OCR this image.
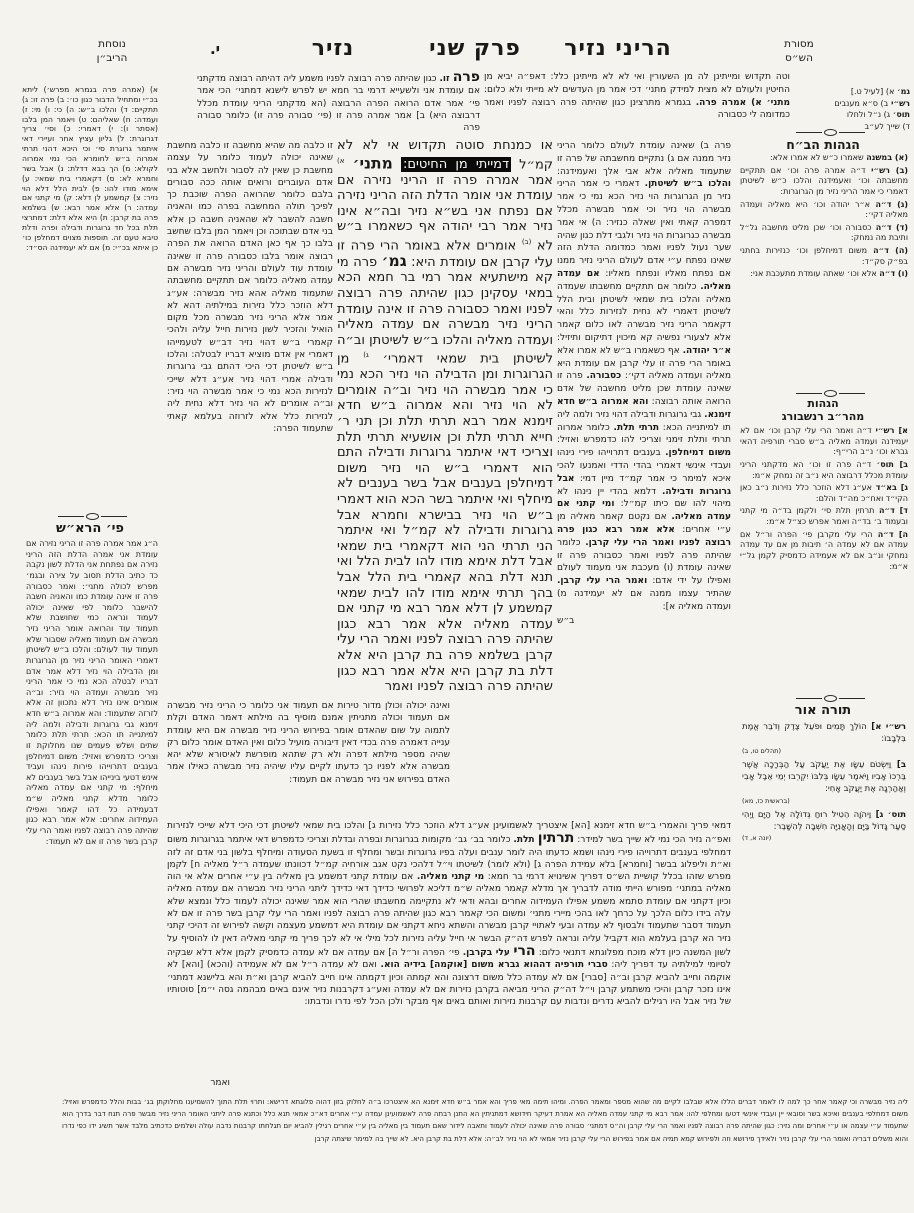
מסורת
הש״ס
הריני נזיר
פרק שני
נזיר
י.
נוסחת
הריב״ן
גמ׳ א) [לעיל ט.]
רש״י ב) ס״א מענבים
תוס׳ ג) נ״ל ולחלו
ד) שייך לע״ב
הגהות הב״ח

(א) במשנה שאמרו כ״ש לא אמרו אלא:

(ב) רש״י ד״ה אמרה פרה וכו׳ אם תתקיים מחשבתה וכו׳ ואעמידנה והלכו כ״ש לשיטתן דאמרי כי אמר הריני נזיר מן הגרוגרות:

(ג) ד״ה א״ר יהודה וכו׳ היא מאליה ועמדה מאליה דקי׳:

(ד) ד״ה כסבורה וכו׳ שכן מליט מחשבה גל״ל ותיבת מה נמחק:

(ה) ד״ה משום דמיחלפן וכו׳ כנזירות בחתני בפ״ק סק״ד:

(ו) ד״ה אלא וכו׳ שאתה עומדת מתעכבת אני:

הגהות
מהר״ב רנשבורג

א] רש״י ד״ה ואמר הרי עלי קרבן וכו׳ אם לא יעמידנה ועמדה מאליה ב״ש סברי תורפיה דהאי גברא וכו׳ נ״ב הרי״ף:

ב] תוס׳ ד״ה פרה זו וכו׳ הא מדקתני הריני עומדת מכלל דרבוצה היא נ״ב זה נמחק א״מ:

ג] בא״ד אע״ג דלא הוזכר כלל נזירות נ״ב כאן הקי״ד ואח״כ מה״ד והלם:

ד] ד״ה תרתין תלת סי׳ ולקמן בד״ה מי קתני ובעמוד ב׳ בד״ה ואמר אפרש כצ״ל א״מ:

ה] ד״ה הרי עלי מקרבן פי׳ הפרה ור״ל אם עמדה אם לא עמדה ה׳ תיבות מן אם עד עמדה נמחקי ונ״ב אם לא אעמידה כדמסיק לקמן גל״י א״מ:

תורה אור
רש״י א] הוֹלֵךְ תָּמִים וּפֹעֵל צֶדֶק וְדֹבֵר אֱמֶת בִּלְבָבוֹ:
(תהלים טו, ב)
ב] וַיִּשְׂטֹם עֵשָׂו אֶת יַעֲקֹב עַל הַבְּרָכָה אֲשֶׁר בֵּרְכוֹ אָבִיו וַיֹּאמֶר עֵשָׂו בְּלִבּוֹ יִקְרְבוּ יְמֵי אֵבֶל אָבִי וְאַהַרְגָה אֶת יַעֲקֹב אָחִי:
(בראשית כז, מא)
תוס׳ ג] וַיהֹוָה הֵטִיל רוּחַ גְּדוֹלָה אֶל הַיָּם וַיְהִי סַעַר גָּדוֹל בַּיָּם וְהָאֳנִיָּה חִשְּׁבָה לְהִשָּׁבֵר:
(יונה א, ד)
א) (אמרה פרה בגמרא מפרש׳) ליתא בכ״י ומתחיל הדבור כגון כו׳: ב) פרה זו: ג) תתקיים: ד) והלכו ב״ש: ה) כי: ו) מי: ז) ועמדה: ח) שאליהם: ט) ויאמר המן בלבו (אסתר ו): י) דאמרי: כ) וסי׳ צריך דגרוגרת: ל) גליון עציץ אחר ועיירי דאי איתמר גרוגרת סי׳ וכי היכא דהני תרתי אמרוה ב״ש לחומרא הכי נמי אמרוה לקולא: מ) הך בבא דדלת: נ) אבל בשר וחמרא לא: ס) דקאמרי בית שמאי: ע) אימא מודו להו: פ) לבית הלל דלא הוי נזיר: צ) קמשמע לן דלא: ק) מי קתני אם עמדה: ר) אלא אמר רבא: ש) בשלמא פרה בת קרבן: ת) היא אלא דלת: דמתרצי תלת בכל חד גרוגרות ודבילה ופרה ודלת טיבא טעם זה. תוספות מצוים דמחלפן כו׳ כן איתא בכ״י: מ) אם לא יעמידנה הס״ד:
פי׳ הרא״ש
ה״ג אמר אמרה פרה זו הריני נזירה אם עומדת אני אמרה הדלת הזה הריני נזירה אם נפתחת אני הדלת לשון נקבה כד כתיב הדלת תסוב על צירה ובגמ׳ מפרש לכולה מתני׳: ואמר כסבורה פרה זו אינה עומדת כמו והאניה חשבה להישבר כלומר לפי שאינה יכולה לעמוד ונראה כמי שחושבת שלא תעמוד עוד והרואה אומר הריני נזיר מבשרה אם תעמוד מאליה שסבור שלא תעמוד עוד לעולם: והלכו ב״ש לשיטתן דאמרי האומר הריני נזיר מן הגרוגרות ומן הדבילה הוי נזיר דלא אמר אדם דבריו לבטלה הכא נמי כי אמר הריני נזיר מבשרה ועמדה הוי נזיר: וב״ה אומרים אינו נזיר דלא נתכוון זה אלא לזרזה שתעמוד: והא אמרוה ב״ש חדא זימנא גבי גרוגרות ודבילה ולמה ליה למיתנייה תו הכא: תרתי תלת כלומר שתים ושלש פעמים שנו מחלוקת זו וצריכי כדמפרש ואזיל: משום דמיחלפן בענבים דתרוייהו פירות נינהו ועביד אינש דטעי בינייהו אבל בשר בענבים לא מיחלף: מי קתני אם עמדה מאליה כלומר מדלא קתני מאליה ש״מ דבעמידה כל דהו קאמר ואפילו העמידוה אחרים: אלא אמר רבא כגון שהיתה פרה רבוצה לפניו ואמר הרי עלי קרבן בשר פרה זו אם לא תעמוד:
וטה תקדוש ומייתינן לה מן השעורין ואי לא לא מייתינן כלל: דאפ״ה יביא מן החיטין ולעולם לא מצית למידק מתני׳ דכי אמר מן העדשים לא מייתי ולא כלום: מתני׳ א) אמרה פרה. בגמרא מתרצינן כגון שהיתה פרה רבוצה לפניו ואמר כמדומה לי כסבורה
פרה ב) שאינה עומדת לעולם כלומר הריני נזיר ממנה אם ג) נתקיים מחשבתה של פרה זו שתעמוד מאליה אלא אבי אלך ואעמידנה: והלכו ב״ש לשיטתן. דאמרי כי אמר הריני נזיר מן הגרוגרות הוי נזיר הכא נמי כי אמר מבשרה הוי נזיר וכי אמר מבשרה מכלל דמפרה קאתי ואין שאלה כנזיר: ה) אי אמר מבשרה כגרוגרות הוי נזיר ולגבי דלת כגון שהיה שער נעול לפניו ואמר כמדומה הדלת הזה שאינו נפתח ע״י אדם לעולם הריני נזיר ממנו אם נפתח מאליו ונפתח מאליו: אם עמדה מאליה. כלומר אם תתקיים מחשבתו שעמדה מאליה והלכו בית שמאי לשיטתן ובית הלל לשיטתן דאמרי לא נחית לנזירות כלל והאי דקאמר הריני נזיר מבשרה לאו כלום קאמר אלא לצעורי נפשיה קא מיכוין דתיקום ותיזיל: א״ר יהודה. אף כשאמרו ב״ש לא אמרו אלא באומר הרי פרה זו עלי קרבן אם עומדת היא מאליה ועמדה מאליה דקי׳: כסבורה. פרה זו שאינה עומדת שכן מליט מחשבה של אדם הרואה אותה רבוצה: והא אמרוה ב״ש חדא זימנא. גבי גרוגרות ודבילה דהוי נזיר ולמה ליה תו למיתנייה הכא: תרתי תלת. כלומר אמרוה תרתי ותלת זימני וצריכי להו כדמפרש ואזיל: משום דמיחלפן. בענבים דתרוייהו פירי נינהו ועבדי אינשי דאמרי בהדי הדדי ואמנעו להכי איכא למימר כי אמר קמ״ד מיין דמי: אבל גרוגרות ודבילה. דלמא בהדי יין נינהו לא מיהוי להו שם כיתו קמ״ל: ומי קתני אם עמדה מאליה. אם נקטם קאמר מאליה מן ע״י אחרים: אלא אמר רבא כגון פרה רבוצה לפניו ואמר הרי עלי קרבן. כלומר שהיתה פרה לפניו ואמר כסבורה פרה זו שאינה עומדת (ו) מעכבת אני מעמוד לעולם ואפילו על ידי אדם: ואמר הרי עלי קרבן. שהתיר עצמו ממנה אם לא יעמידנה מ) ועמדה מאליה א]:
ב״ש
פרה זו. כגון שהיתה פרה רבוצה לפניו משמע ליה דהיתה רבוצה מדקתני אם עומדת אני ולשעייא דרמי בר חמא יש לפרש לישנא דמתני׳ הכי אמר פי׳ אמר אדם הרואה הפרה הרבוצה (הא מדקתני הריני עומדת מכלל דרבוצה היא) ב] אמר אמרה פרה זו (פי׳ סבורה פרה זו) כלומר סבורה פרה
זו כלבה מה שהיא מחשבה זו כלבה מחשבת שאינה יכולה לעמוד כלומר על עצמה מחשבת כן שאין לה לסבור ולחשב אלא בני אדם העוברים ורואים אותה ככה סבורים בלבם כלומר שהרואה הפרה שוכבת כך לפיכך תולה המחשבה בפרה כמו והאניה חשבה להשבר לא שהאניה חשבה כן אלא בני אדם שבתוכה וכן ויאמר המן בלבו שחשב בלבו כך אף כאן האדם הרואה את הפרה רבוצה אומר בלבו כסבורה פרה זו שאינה עומדת עוד לעולם והריני נזיר מבשרה אם עמדה מאליה כלומר אם תתקיים מחשבתה שתעמוד מאליה אהא נזיר מבשרה: אע״ג דלא הוזכר כלל נזירות במילתיה דהא לא אמר אלא הריני נזיר מבשרה מכל מקום הואיל והזכיר לשון נזירות חייל עליה ולהכי קאמרי ב״ש דהוי נזיר דב״ש לטעמייהו דאמרי אין אדם מוציא דבריו לבטלה: והלכו ב״ש לשיטתן דכי היכי דהתם גבי גרוגרות ודבילה אמרי דהוי נזיר אע״ג דלא שייכי לנזירות הכא נמי כי אמר מבשרה הוי נזיר: וב״ה אומרים לא הוי נזיר דלא נחית ליה לנזירות כלל אלא לזרוזה בעלמא קאתי שתעמוד הפרה:
ואינה יכולה וכולן מדור טירות אם תעמוד אני כלומר כי הריני נזיר מבשרה אם תעמוד וכולה מתניתין אמנם מוסיף בה מילתא דאמר האדם וקלת לתמוה על שום שהאדם אומר בפירוש הריני נזיר מבשרה אם היא עומדת ענייה דאמרה פרה בכדי דאין דיבורה מועיל כלום ואין האדם אומר כלום רק שהיה מספר מילתא דפרה ולא רק שתהא מופרשת לאיסורא שלא יהא מבשרה אלא לפניו כך כדעתו לקיים עליו שיהיה נזיר מבשרה כאילו אמר האדם בפירוש אני נזיר מבשרה אם תעמוד:
דמאי פריך והאמרי ב״ש חדא זימנא [הא] איצטריך לאשמועינן אע״ג דלא הוזכר כלל נזירות ג] והלכו בית שמאי לשיטתן דכי היכי דלא שייכי לנזירות ואפ״ה נזיר הכי נמי לא שייך בשר למידר: תרתין תלת. כלומר בב׳ גב׳ מקומות בגרוגרות ובפרה ובדלת וצריכי כדמפרש דאי איתמר בגרוגרות משום דמחלפי בענבים דתרוייהו פירי נינהו ושמא כדעתו היה לומר ענבים ועלה בפיו גרוגרות ובשר ומחלף זו בשעת הסעודה ומיחלף בלשון בני אדם זה לזה וא״ת וליפלוג בבשר [וחמרא] בלא עמידת הפרה ג] (ולא לומר) לשיטתו וי״ל דלהכי נקט אגב אורחיה קמ״ל דכוונתו שעמדה ר״ל מאליה ח] לקמן מפרש שזהו בכלל קושיית הש״ס דפריך אשינויא דרמי בר חמא: מי קתני מאליה. אם עומדת קתני דמשמע בין מאליה בין ע״י אחרים אלא אי הוה מאליה במתני׳ מפורש הייתי מודה לדבריך אך מדלא קאמר מאליה ש״מ דליכא לפרושי כדידך דאי כדידך ליתני הריני נזיר מבשרה אם עמדה מאליה וכיון דקתני אם עומדת סתמא משמע אפילו העמידוה אחרים ובהא ודאי לא נתקיימה מחשבתו שהרי הוא אמר שאינה יכולה לעמוד כלל ונמצא שלא עלה בידו כלום הלכך על כרחך לאו בהכי מיירי מתני׳ ומשום הכי קאמר רבא כגון שהיתה פרה רבוצה לפניו ואמר הרי עלי קרבן בשר פרה זו אם לא תעמוד דסבר שתעמוד ולבסוף לא עמדה ובעי לאתויי קרבן מבשרה והשתא ניחא דקתני אם עומדת היא דמשמע מעצמה וקשה לפירוש זה דהיכי קתני נזיר הא קרבן בעלמא הוא דקביל עליה ונראה לפרש דה״ק הבשר אי חייל עליה נזירות לכל מילי אי לא לכך פריך מי קתני מאליה דאין לו להוסיף על לשון המשנה כיון דלא מוכח מפלוגתא דתנאי כלום: הרי עלי בקרבן. פי׳ הפרה ור״ל ה] אם עמדה אם לא עמדה כדמסיק לקמן אלא דלא שבקיה לסיומי למילתיה עד דפריך ליה: סברי תורפיה דההוא גברא משום [אוקמה] בידיה הוא. ואם לא עמדה ר״ל אם לא אעמידה (והכא) [והא] לא אוקמה וחייב להביא קרבן וב״ה [סברי] אם לא עמדה כלל משום דרצונה והא קמתה וכיון דקמתה אינו חייב להביא קרבן וא״ת והא בלישנא דמתני׳ אינו נזכר קרבן והיכי משתמע קרבן וי״ל דה״ק הריני מביאה בקרבן נזירות אם לא עמדה ואע״ג דקרבנות נזיר אינם באים מבהמה גסה י״מ] סוטותיו של נזיר אבל היו רגילים להביא נדרים ונדבות עם קרבנות נזירות ואותם באים אף מבקר ולכן הכל לפי נדרו ונדבתו:
ואמר
או כמנחת סוטה תקדוש אי לא לא קמ״ל דמייתי מן החיטים: מתני׳ $^{א)}$ אמר אמרה פרה זו הריני נזירה אם עומדת אני אומר הדלת הזה הריני נזירה אם נפתח אני בש״א נזיר ובה״א אינו נזיר אמר רבי יהודה אף כשאמרו ב״ש לא $^{(ב)}$ אומרים אלא באומר הרי פרה זו עלי קרבן אם עומדת היא: גמ׳ פרה מי קא מישתעיא אמר רמי בר חמא הכא במאי עסקינן כגון שהיתה פרה רבוצה לפניו ואמר כסבורה פרה זו אינה עומדת הריני נזיר מבשרה אם עמדה מאליה ועמדה מאליה והלכו ב״ש לשיטתן וב״ה לשיטתן בית שמאי דאמרי׳ $^{ג)}$ מן הגרוגרות ומן הדבילה הוי נזיר הכא נמי כי אמר מבשרה הוי נזיר וב״ה אומרים לא הוי נזיר והא אמרוה ב״ש חדא זימנא אמר רבא תרתי תלת וכן תני ר׳ חייא תרתי תלת וכן אושעיא תרתי תלת וצריכי דאי איתמר גרוגרות ודבילה התם הוא דאמרי ב״ש הוי נזיר משום דמיחלפן בענבים אבל בשר בענבים לא מיחלף ואי איתמר בשר הכא הוא דאמרי ב״ש הוי נזיר בבישרא וחמרא אבל גרוגרות ודבילה לא קמ״ל ואי איתמר הני תרתי הני הוא דקאמרי בית שמאי אבל דלת אימא מודו להו לבית הלל ואי תנא דלת בהא קאמרי בית הלל אבל בהך תרתי אימא מודו להו לבית שמאי קמשמע לן דלא אמר רבא מי קתני אם עמדה מאליה אלא אמר רבא כגון שהיתה פרה רבוצה לפניו ואמר הרי עלי קרבן בשלמא פרה בת קרבן היא אלא דלת בת קרבן היא אלא אמר רבא כגון שהיתה פרה רבוצה לפניו ואמר
ליה נזיר מבשרה וכי קאמר אחר כך למה לו לאמר דברים הללו אלא שבלבו לקיים מה שהוא מספר ומאמר הפרה. ומיהו תימה מאי פריך והא אמר ב״ש חדא זימנא הא איצטרכו ב״ה לחלוק בזון דהוה פלוגתא דרישא: ותרוי תלת התוך להשמיענו מחלוקתן בג׳ בבות והלל כדמפרש ואזיל: משום דמחלפי בענבים ואיכא בשר וסובאי יין ועבדי אינשי דטעו ומחלפי להו: אמר רבא מי קתני עמדה מאליה הא אמרת דעיקר חידושא דמתניתין הא התנן רבתה פרה לאשמועינן עמדה ע״י אחרים דא״כ אמאי תנא כלל וכתנא פרה ליתני האומר הריני נזיר מבשר פרה תנח דבר בדרך הוא שתעמוד ע״י עצמה או ע״י אחרים ומה נזיר: כגון שהיתה פרה רבוצה לפניו ואמר הרי עלי קרבן וה״ס דמתני׳ סבורה פרה שאינה יכולה לעמוד ותאבה לידור שאם תעמוד בין מאליה בין ע״י אחרים רגילין להביא יום תגלחתו קרבנות נדבה עולה ושלמים כדכתיב מלבד אשר תשיג ידו כפי נדרו והוא משלים דבריה ואומר הרי עלי קרבן נזיר ולאידך פירושא וזה ולפירוש קמא תמיה אם אמר בפירוש הרי עלי קרבן נזיר אמאי לא הוי נזיר לב״ה: אלא דלת בת קרבן היא. לא שייך בה למימר שיצתה קרבן
